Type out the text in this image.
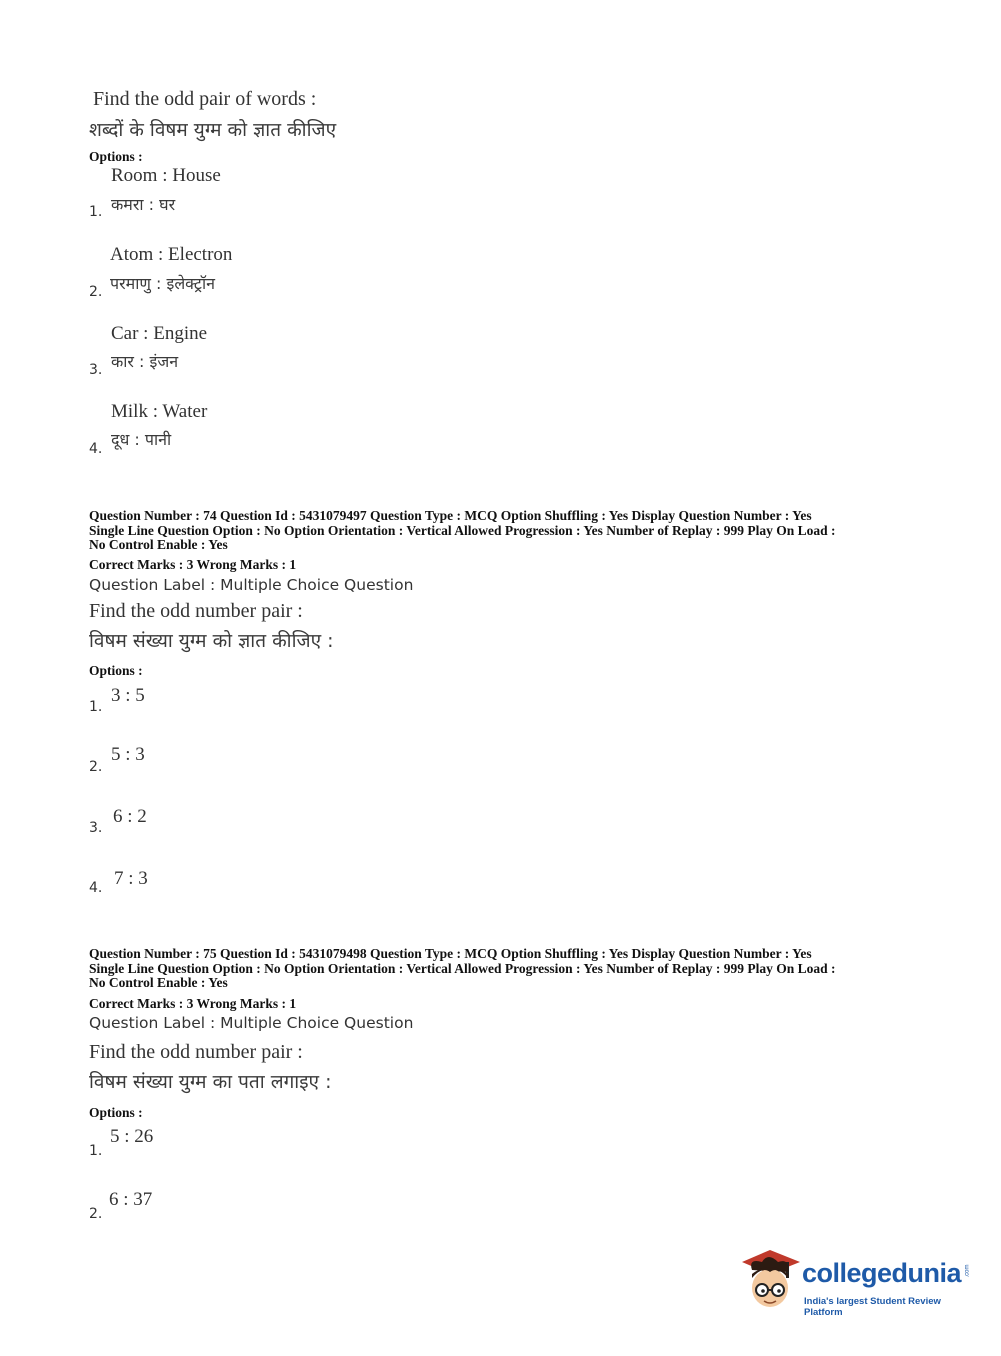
Find the odd pair of words :
शब्दों के विषम युग्म को ज्ञात कीजिए
Options :
Room : House
कमरा : घर
1.
Atom : Electron
परमाणु : इलेक्ट्रॉन
2.
Car : Engine
कार : इंजन
3.
Milk : Water
दूध : पानी
4.
Question Number : 74 Question Id : 5431079497 Question Type : MCQ Option Shuffling : Yes Display Question Number : Yes
Single Line Question Option : No Option Orientation : Vertical Allowed Progression : Yes Number of Replay : 999 Play On Load :
No Control Enable : Yes
Correct Marks : 3 Wrong Marks : 1
Question Label : Multiple Choice Question
Find the odd number pair :
विषम संख्या युग्म को ज्ञात कीजिए :
Options :
3 : 5
1.
5 : 3
2.
6 : 2
3.
7 : 3
4.
Question Number : 75 Question Id : 5431079498 Question Type : MCQ Option Shuffling : Yes Display Question Number : Yes
Single Line Question Option : No Option Orientation : Vertical Allowed Progression : Yes Number of Replay : 999 Play On Load :
No Control Enable : Yes
Correct Marks : 3 Wrong Marks : 1
Question Label : Multiple Choice Question
Find the odd number pair :
विषम संख्या युग्म का पता लगाइए :
Options :
5 : 26
1.
6 : 37
2.
collegedunia .com
India's largest Student Review Platform
